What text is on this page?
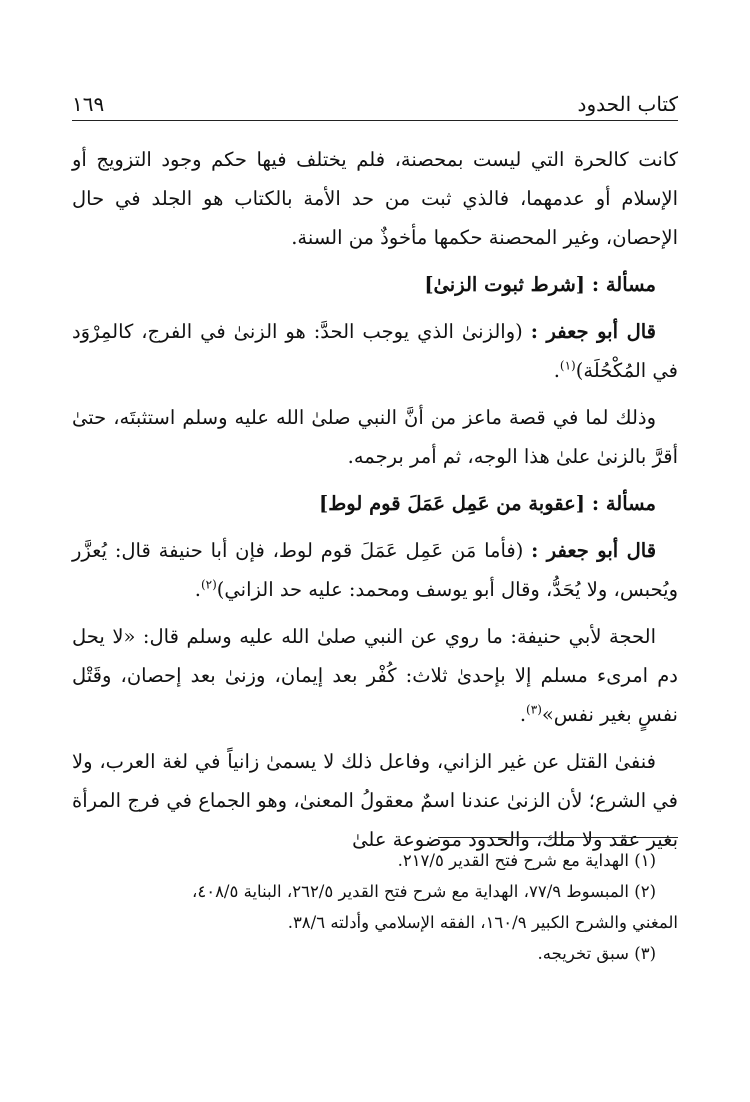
كتاب الحدود
١٦٩

كانت كالحرة التي ليست بمحصنة، فلم يختلف فيها حكم وجود التزويج أو الإسلام أو عدمهما، فالذي ثبت من حد الأمة بالكتاب هو الجلد في حال الإحصان، وغير المحصنة حكمها مأخوذٌ من السنة.

مسألة : [شرط ثبوت الزنىٰ]

قال أبو جعفر : (والزنىٰ الذي يوجب الحدَّ: هو الزنىٰ في الفرج، كالمِرْوَد في المُكْحُلَة)$^{(١)}$.

وذلك لما في قصة ماعز من أنَّ النبي صلىٰ الله عليه وسلم استثبتَه، حتىٰ أقرَّ بالزنىٰ علىٰ هذا الوجه، ثم أمر برجمه.

مسألة : [عقوبة من عَمِل عَمَلَ قوم لوط]

قال أبو جعفر : (فأما مَن عَمِل عَمَلَ قوم لوط، فإن أبا حنيفة قال: يُعزَّر ويُحبس، ولا يُحَدُّ، وقال أبو يوسف ومحمد: عليه حد الزاني)$^{(٢)}$.

الحجة لأبي حنيفة: ما روي عن النبي صلىٰ الله عليه وسلم قال: «لا يحل دم امرىء مسلم إلا بإحدىٰ ثلاث: كُفْر بعد إيمان، وزنىٰ بعد إحصان، وقَتْل نفسٍ بغير نفس»$^{(٣)}$.

فنفىٰ القتل عن غير الزاني، وفاعل ذلك لا يسمىٰ زانياً في لغة العرب، ولا في الشرع؛ لأن الزنىٰ عندنا اسمٌ معقولُ المعنىٰ، وهو الجماع في فرج المرأة بغير عقد ولا ملك، والحدود موضوعة علىٰ

(١) الهداية مع شرح فتح القدير ٢١٧/٥.

(٢) المبسوط ٧٧/٩، الهداية مع شرح فتح القدير ٢٦٢/٥، البناية ٤٠٨/٥،

المغني والشرح الكبير ١٦٠/٩، الفقه الإسلامي وأدلته ٣٨/٦.

(٣) سبق تخريجه.
